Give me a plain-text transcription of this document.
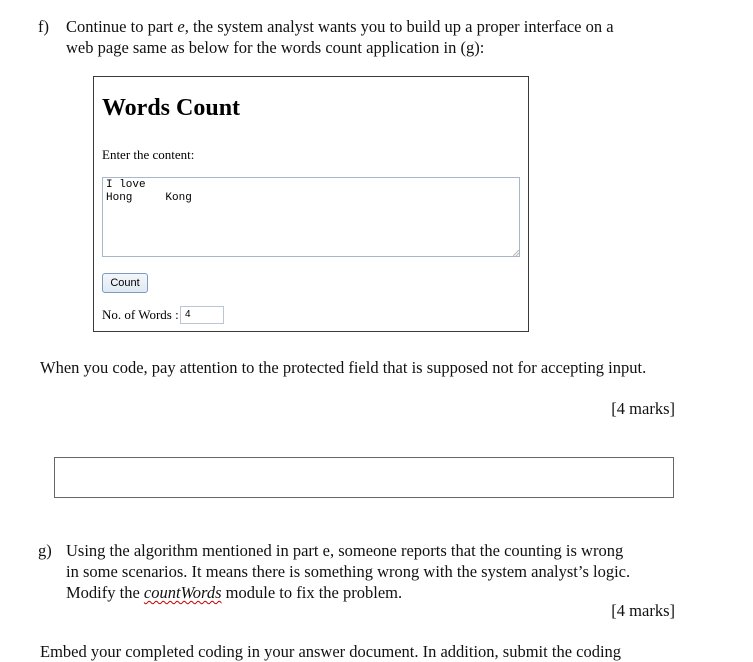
f) Continue to part e, the system analyst wants you to build up a proper interface on a
web page same as below for the words count application in (g):
Words Count
Enter the content:
I love
Hong     Kong
Count
No. of Words : 4
When you code, pay attention to the protected field that is supposed not for accepting input.
[4 marks]
g) Using the algorithm mentioned in part e, someone reports that the counting is wrong
in some scenarios. It means there is something wrong with the system analyst’s logic.
Modify the countWords module to fix the problem.
[4 marks]
Embed your completed coding in your answer document. In addition, submit the coding
